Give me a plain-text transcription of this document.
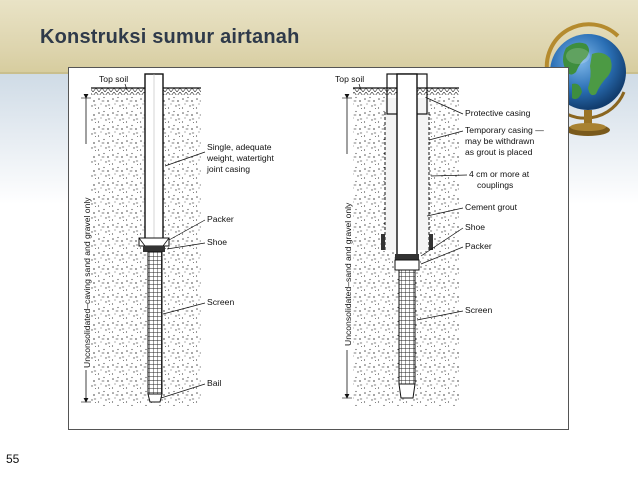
Konstruksi sumur airtanah
Unconsolidated–caving sand and gravel only
Top soil
Single, adequate
weight, watertight
joint casing
Packer
Shoe
Screen
Bail
Unconsolidated–sand and gravel only
Top soil
Protective casing
Temporary casing —
may be withdrawn
as grout is placed
4 cm or more at
couplings
Cement grout
Shoe
Packer
Screen
55
